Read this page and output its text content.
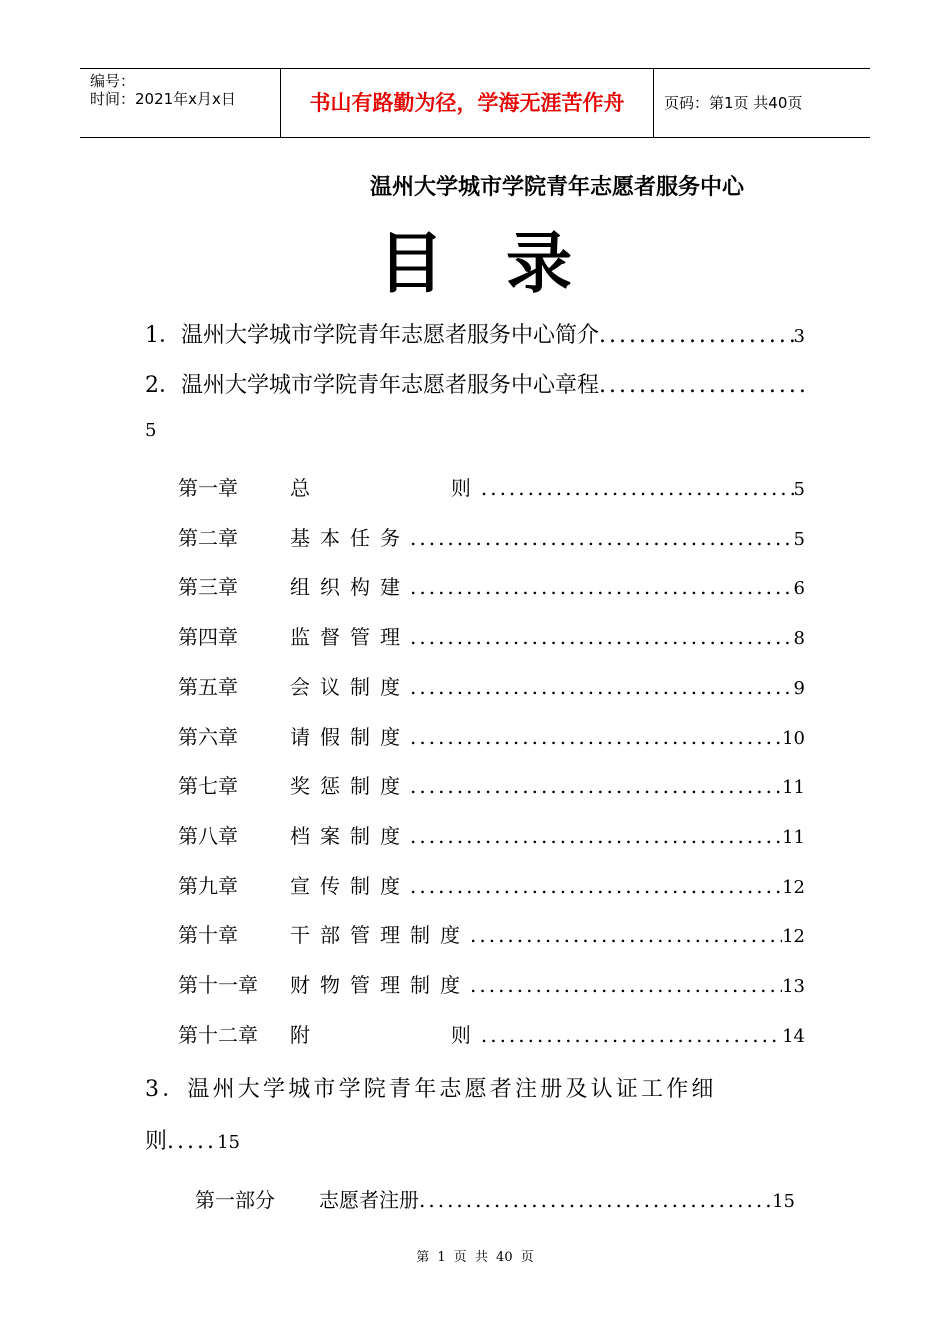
编号：
时间：2021年x月x日	书山有路勤为径，学海无涯苦作舟	页码：第1页 共40页
温州大学城市学院青年志愿者服务中心
目录
1．温州大学城市学院青年志愿者服务中心简介 .....	3
2．温州大学城市学院青年志愿者服务中心章程
.....
5
第一章	总        则 .....	5
第二章	基本任务 .....	5
第三章	组织构建 .....	6
第四章	监督管理 .....	8
第五章	会议制度 .....	9
第六章	请假制度 .....	10
第七章	奖惩制度 .....	11
第八章	档案制度 .....	11
第九章	宣传制度 .....	12
第十章	干部管理制度 .....	12
第十一章	财物管理制度 .....	13
第十二章	附        则 .....	14
3．温州大学城市学院青年志愿者注册及认证工作细
则 .....	15
第一部分	志愿者注册 .....	15
第 1 页 共 40 页
